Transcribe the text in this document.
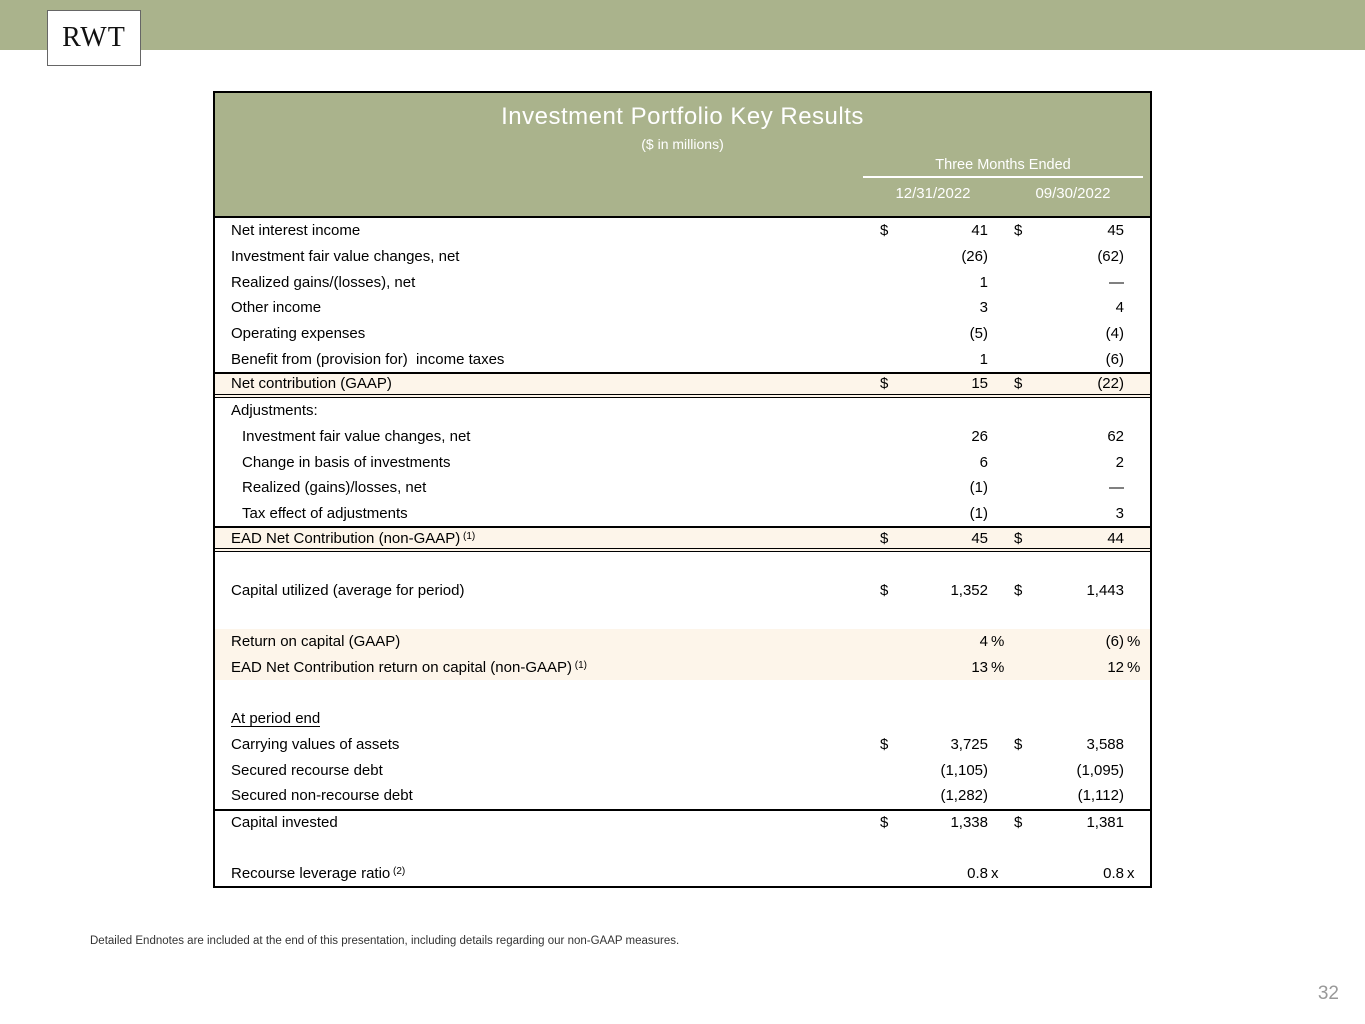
RWT
Investment Portfolio Key Results
($ in millions)
Three Months Ended
12/31/2022	09/30/2022
Net interest income	$	41 $	45
Investment fair value changes, net	(26)	(62)
Realized gains/(losses), net	1	—
Other income	3	4
Operating expenses	(5)	(4)
Benefit from (provision for)  income taxes	1	(6)
Net contribution (GAAP)	$	15 $	(22)
Adjustments:
Investment fair value changes, net	26	62
Change in basis of investments	6	2
Realized (gains)/losses, net	(1)	—
Tax effect of adjustments	(1)	3
EAD Net Contribution (non-GAAP) $^{(1)}$	$	45 $	44
Capital utilized (average for period)	$	1,352 $	1,443
Return on capital (GAAP)	4 %	(6) %
EAD Net Contribution return on capital (non-GAAP) $^{(1)}$	13 %	12 %
At period end
Carrying values of assets	$	3,725 $	3,588
Secured recourse debt	(1,105)	(1,095)
Secured non-recourse debt	(1,282)	(1,112)
Capital invested	$	1,338 $	1,381
Recourse leverage ratio $^{(2)}$	0.8 x	0.8 x
Detailed Endnotes are included at the end of this presentation, including details regarding our non-GAAP measures.
32
